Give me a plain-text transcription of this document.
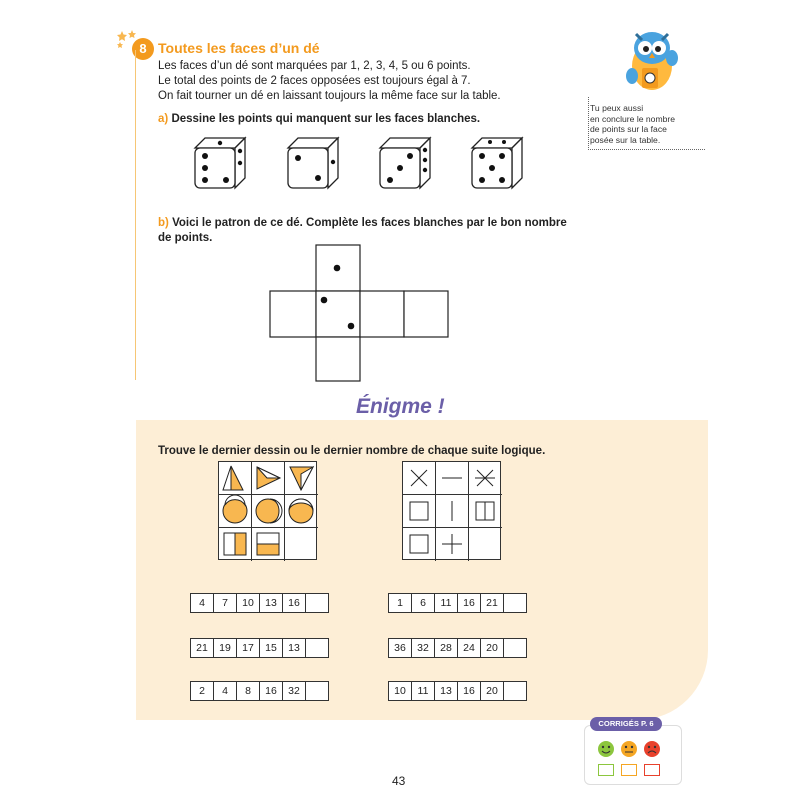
8 Toutes les faces d’un dé
Les faces d’un dé sont marquées par 1, 2, 3, 4, 5 ou 6 points.
Le total des points de 2 faces opposées est toujours égal à 7.
On fait tourner un dé en laissant toujours la même face sur la table.
Tu peux aussi
en conclure le nombre
de points sur la face
posée sur la table.
a) Dessine les points qui manquent sur les faces blanches.
b) Voici le patron de ce dé. Complète les faces blanches par le bon nombre
de points.
Énigme !
Trouve le dernier dessin ou le dernier nombre de chaque suite logique.
4	7	10	13	16
21	19	17	15	13
2	4	8	16	32
1	6	11	16	21
36	32	28	24	20
10	11	13	16	20
CORRIGÉS P. 6
43
